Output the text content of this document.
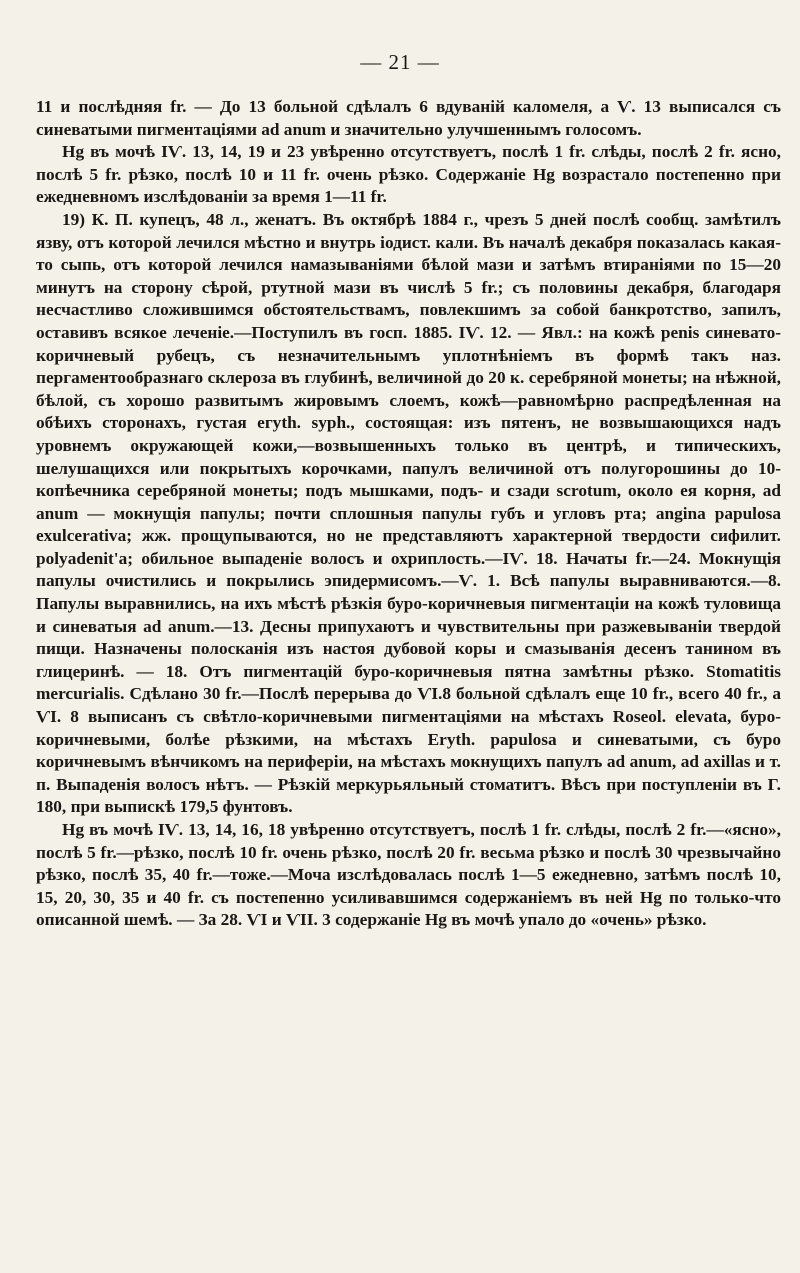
— 21 —

11 и послѣдняя fr. — До 13 больной сдѣлалъ 6 вдуваній каломеля, а Ѵ. 13 выписался съ синеватыми пигментаціями ad anum и значительно улучшеннымъ голосомъ.

Hg въ мочѣ IѴ. 13, 14, 19 и 23 увѣренно отсутствуетъ, послѣ 1 fr. слѣды, послѣ 2 fr. ясно, послѣ 5 fr. рѣзко, послѣ 10 и 11 fr. очень рѣзко. Содержаніе Hg возрастало постепенно при ежедневномъ изслѣдованіи за время 1—11 fr.

19) К. П. купецъ, 48 л., женатъ. Въ октябрѣ 1884 г., чрезъ 5 дней послѣ сообщ. замѣтилъ язву, отъ которой лечился мѣстно и внутрь іодист. кали. Въ началѣ декабря показалась какая-то сыпь, отъ которой лечился намазываніями бѣлой мази и затѣмъ втираніями по 15—20 минутъ на сторону сѣрой, ртутной мази въ числѣ 5 fr.; съ половины декабря, благодаря несчастливо сложившимся обстоятельствамъ, повлекшимъ за собой банкротство, запилъ, оставивъ всякое леченіе.—Поступилъ въ госп. 1885. IѴ. 12. — Явл.: на кожѣ penis синевато-коричневый рубецъ, съ незначительнымъ уплотнѣніемъ въ формѣ такъ наз. пергаментообразнаго склероза въ глубинѣ, величиной до 20 к. серебряной монеты; на нѣжной, бѣлой, съ хорошо развитымъ жировымъ слоемъ, кожѣ—равномѣрно распредѣленная на обѣихъ сторонахъ, густая егуth. syph., состоящая: изъ пятенъ, не возвышающихся надъ уровнемъ окружающей кожи,—возвышенныхъ только въ центрѣ, и типическихъ, шелушащихся или покрытыхъ корочками, папулъ величиной отъ полугорошины до 10-копѣечника серебряной монеты; подъ мышками, подъ- и сзади scrotum, около ея корня, ad anum — мокнущія папулы; почти сплошныя папулы губъ и угловъ рта; angina papulosa exulcerativa; жж. прощупываются, но не представляютъ характерной твердости сифилит. polyadenit'а; обильное выпаденіе волосъ и охриплость.—IѴ. 18. Начаты fr.—24. Мокнущія папулы очистились и покрылись эпидермисомъ.—Ѵ. 1. Всѣ папулы выравниваются.—8. Папулы выравнились, на ихъ мѣстѣ рѣзкія буро-коричневыя пигментаціи на кожѣ туловища и синеватыя ad anum.—13. Десны припухаютъ и чувствительны при разжевываніи твердой пищи. Назначены полосканія изъ настоя дубовой коры и смазыванія десенъ танином въ глицеринѣ. — 18. Отъ пигментацій буро-коричневыя пятна замѣтны рѣзко. Stomatitis mercurialis. Сдѣлано 30 fr.—Послѣ перерыва до ѴI.8 больной сдѣлалъ еще 10 fr., всего 40 fr., а ѴI. 8 выписанъ съ свѣтло-коричневыми пигментаціями на мѣстахъ Roseol. elevata, буро-коричневыми, болѣе рѣзкими, на мѣстахъ Erуth. papulosa и синеватыми, съ буро коричневымъ вѣнчикомъ на периферіи, на мѣстахъ мокнущихъ папулъ ad anum, ad axillas и т. п. Выпаденія волосъ нѣтъ. — Рѣзкій меркурьяльный стоматитъ. Вѣсъ при поступленіи въ Г. 180, при выпискѣ 179,5 фунтовъ.

Hg въ мочѣ IѴ. 13, 14, 16, 18 увѣренно отсутствуетъ, послѣ 1 fr. слѣды, послѣ 2 fr.—«ясно», послѣ 5 fr.—рѣзко, послѣ 10 fr. очень рѣзко, послѣ 20 fr. весьма рѣзко и послѣ 30 чрезвычайно рѣзко, послѣ 35, 40 fr.—тоже.—Моча изслѣдовалась послѣ 1—5 ежедневно, затѣмъ послѣ 10, 15, 20, 30, 35 и 40 fr. съ постепенно усиливавшимся содержаніемъ въ ней Hg по только-что описанной шемѣ. — За 28. ѴI и ѴII. 3 содержаніе Hg въ мочѣ упало до «очень» рѣзко.
